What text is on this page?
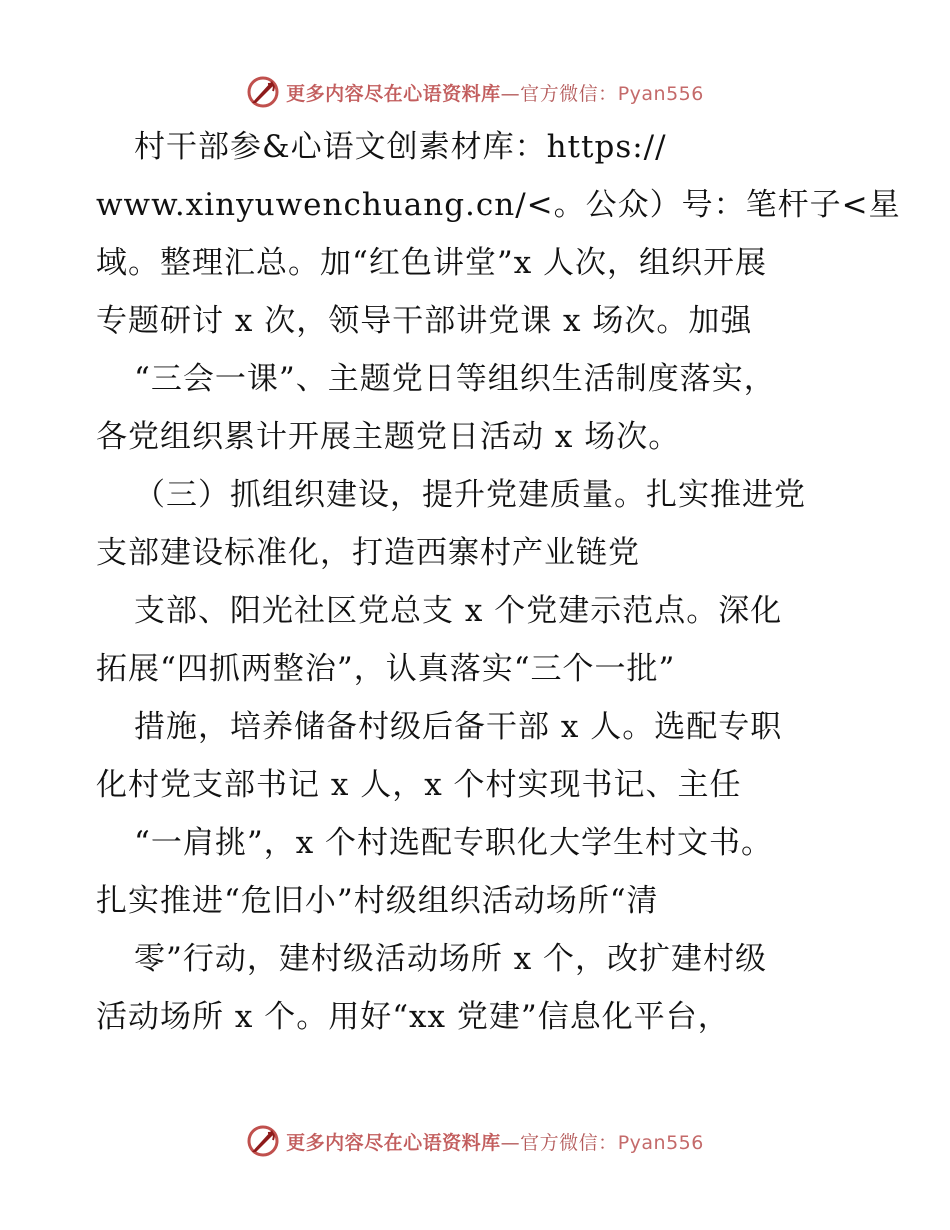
更多内容尽在心语资料库—官方微信：Pyan556
村干部参&心语文创素材库：https://
www.xinyuwenchuang.cn/<。公众）号：笔杆子<星
域。整理汇总。加“红色讲堂”x 人次，组织开展
专题研讨 x 次，领导干部讲党课 x 场次。加强
“三会一课”、主题党日等组织生活制度落实，
各党组织累计开展主题党日活动 x 场次。
（三）抓组织建设，提升党建质量。扎实推进党
支部建设标准化，打造西寨村产业链党
支部、阳光社区党总支 x 个党建示范点。深化
拓展“四抓两整治”，认真落实“三个一批”
措施，培养储备村级后备干部 x 人。选配专职
化村党支部书记 x 人，x 个村实现书记、主任
“一肩挑”，x 个村选配专职化大学生村文书。
扎实推进“危旧小”村级组织活动场所“清
零”行动，建村级活动场所 x 个，改扩建村级
活动场所 x 个。用好“xx 党建”信息化平台，
更多内容尽在心语资料库—官方微信：Pyan556
